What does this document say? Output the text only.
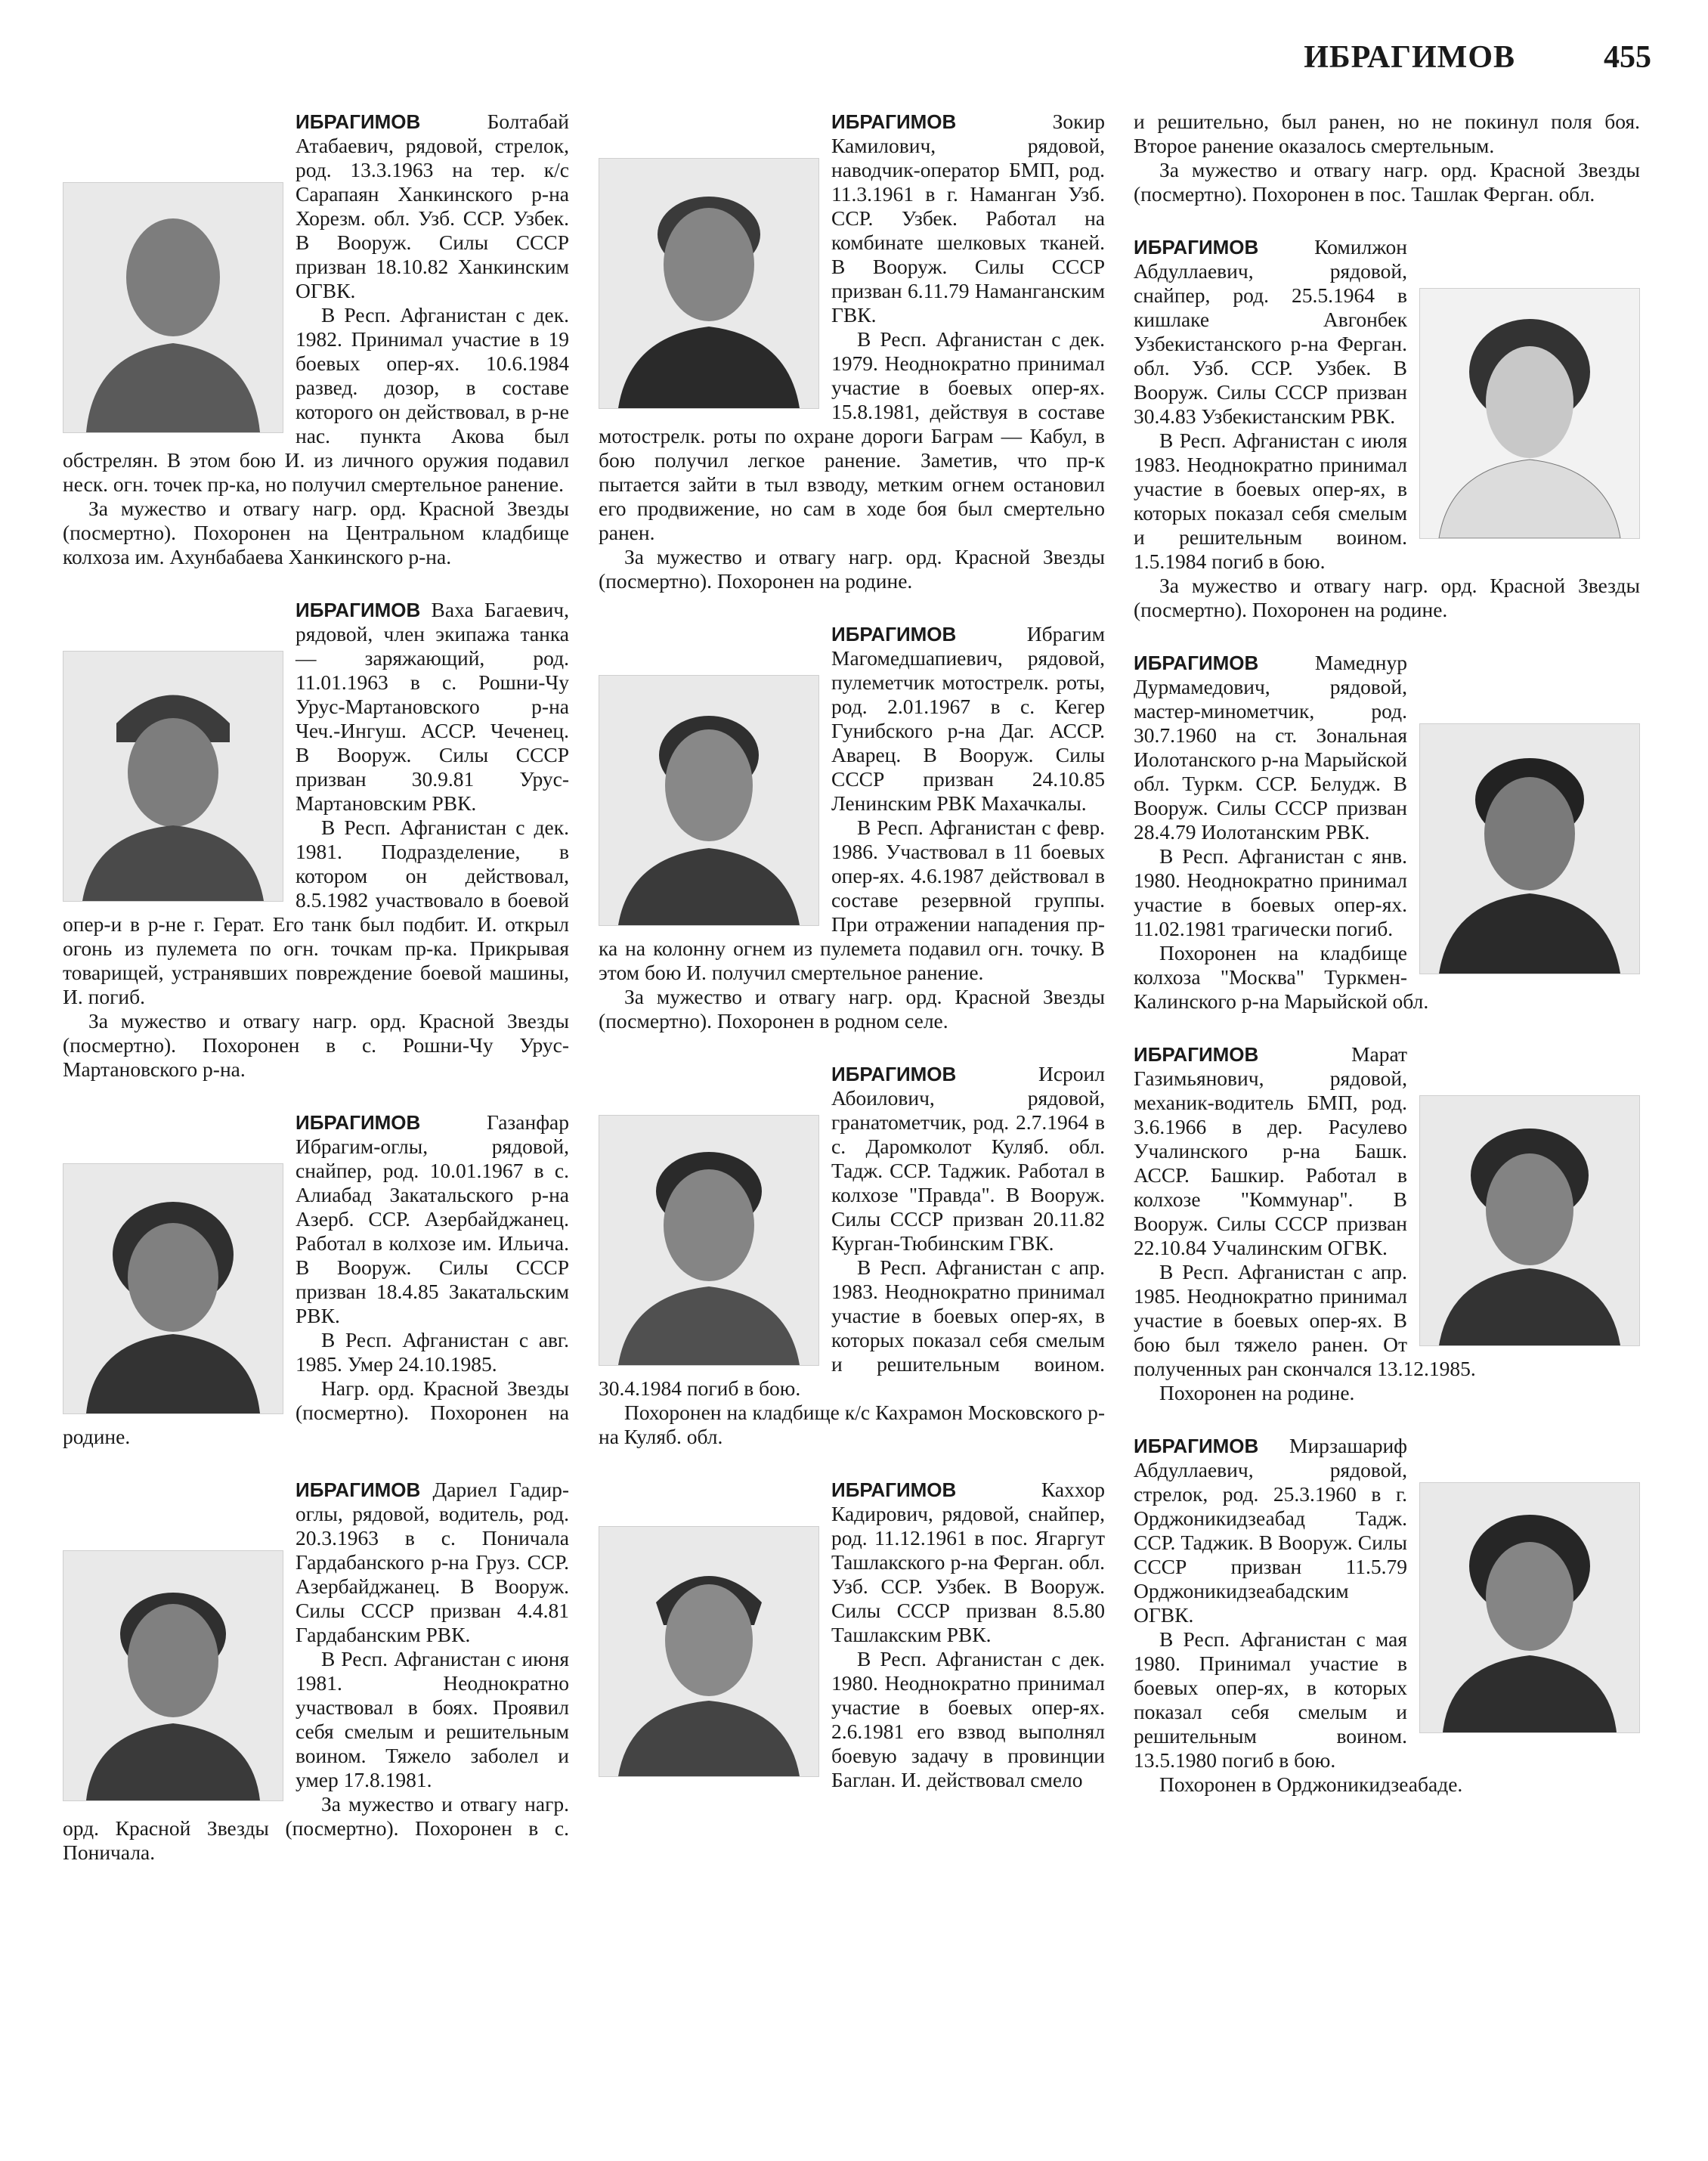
ИБРАГИМОВ	455

ИБРАГИМОВ	Болтабай Атабаевич, рядовой, стрелок, род. 13.3.1963 на тер. к/с Сарапаян Ханкинского р-на Хорезм. обл. Узб. ССР. Узбек. В Вооруж. Силы СССР призван 18.10.82 Ханкинским ОГВК.

В Респ. Афганистан с дек. 1982. Принимал участие в 19 боевых опер-ях. 10.6.1984 развед. дозор, в составе которого он действовал, в р-не нас. пункта Акова был обстрелян. В этом бою И. из личного оружия подавил неск. огн. точек пр-ка, но получил смертельное ранение.

За мужество и отвагу нагр. орд. Красной Звезды (посмертно). Похоронен на Центральном кладбище колхоза им. Ахунбабаева Ханкинского р-на.

ИБРАГИМОВ Ваха Багаевич, рядовой, член экипажа танка — заряжающий, род. 11.01.1963 в с. Рошни-Чу Урус-Мартановского р-на Чеч.-Ингуш. АССР. Чеченец. В Вооруж. Силы СССР призван 30.9.81 Урус-Мартановским РВК.

В Респ. Афганистан с дек. 1981. Подразделение, в котором он действовал, 8.5.1982 участвовало в боевой опер-и в р-не г. Герат. Его танк был подбит. И. открыл огонь из пулемета по огн. точкам пр-ка. Прикрывая товарищей, устранявших повреждение боевой машины, И. погиб.

За мужество и отвагу нагр. орд. Красной Звезды (посмертно). Похоронен в с. Рошни-Чу Урус-Мартановского р-на.

ИБРАГИМОВ	Газанфар Ибрагим-оглы, рядовой, снайпер, род. 10.01.1967 в с. Алиабад Закатальского р-на Азерб. ССР. Азербайджанец. Работал в колхозе им. Ильича. В Вооруж. Силы СССР призван 18.4.85 Закатальским РВК.

В Респ. Афганистан с авг. 1985. Умер 24.10.1985.

Нагр. орд. Красной Звезды (посмертно). Похоронен на родине.

ИБРАГИМОВ Дариел Гадир-оглы, рядовой, водитель, род. 20.3.1963 в с. Поничала Гардабанского р-на Груз. ССР. Азербайджанец. В Вооруж. Силы СССР призван 4.4.81 Гардабанским РВК.

В Респ. Афганистан с июня 1981. Неоднократно участвовал в боях. Проявил себя смелым и решительным воином. Тяжело заболел и умер 17.8.1981.

За мужество и отвагу нагр. орд. Красной Звезды (посмертно). Похоронен в с. Поничала.

ИБРАГИМОВ	Зокир Камилович, рядовой, наводчик-оператор БМП, род. 11.3.1961 в г. Наманган Узб. ССР. Узбек. Работал на комбинате шелковых тканей. В Вооруж. Силы СССР призван 6.11.79 Наманганским ГВК.

В Респ. Афганистан с дек. 1979. Неоднократно принимал участие в боевых опер-ях. 15.8.1981, действуя в составе мотострелк. роты по охране дороги Баграм — Кабул, в бою получил легкое ранение. Заметив, что пр-к пытается зайти в тыл взводу, метким огнем остановил его продвижение, но сам в ходе боя был смертельно ранен.

За мужество и отвагу нагр. орд. Красной Звезды (посмертно). Похоронен на родине.

ИБРАГИМОВ	Ибрагим Магомедшапиевич, рядовой, пулеметчик мотострелк. роты, род. 2.01.1967 в с. Кегер Гунибского р-на Даг. АССР. Аварец. В Вооруж. Силы СССР призван 24.10.85 Ленинским РВК Махачкалы.

В Респ. Афганистан с февр. 1986. Участвовал в 11 боевых опер-ях. 4.6.1987 действовал в составе резервной группы. При отражении нападения пр-ка на колонну огнем из пулемета подавил огн. точку. В этом бою И. получил смертельное ранение.

За мужество и отвагу нагр. орд. Красной Звезды (посмертно). Похоронен в родном селе.

ИБРАГИМОВ	Исроил Абоилович, рядовой, гранатометчик, род. 2.7.1964 в с. Даромколот Куляб. обл. Тадж. ССР. Таджик. Работал в колхозе "Правда". В Вооруж. Силы СССР призван 20.11.82 Курган-Тюбинским ГВК.

В Респ. Афганистан с апр. 1983. Неоднократно принимал участие в боевых опер-ях, в которых показал себя смелым и решительным воином. 30.4.1984 погиб в бою.

Похоронен на кладбище к/с Кахрамон Московского р-на Куляб. обл.

ИБРАГИМОВ	Каххор Кадирович, рядовой, снайпер, род. 11.12.1961 в пос. Ягаргут Ташлакского р-на Ферган. обл. Узб. ССР. Узбек. В Вооруж. Силы СССР призван 8.5.80 Ташлакским РВК.

В Респ. Афганистан с дек. 1980. Неоднократно принимал участие в боевых опер-ях. 2.6.1981 его взвод выполнял боевую задачу в провинции Баглан. И. действовал смело

и решительно, был ранен, но не покинул поля боя. Второе ранение оказалось смертельным.

За мужество и отвагу нагр. орд. Красной Звезды (посмертно). Похоронен в пос. Ташлак Ферган. обл.

ИБРАГИМОВ	Комилжон Абдуллаевич, рядовой, снайпер, род. 25.5.1964 в кишлаке Авгонбек Узбекистанского р-на Ферган. обл. Узб. ССР. Узбек. В Вооруж. Силы СССР призван 30.4.83 Узбекистанским РВК.

В Респ. Афганистан с июля 1983. Неоднократно принимал участие в боевых опер-ях, в которых показал себя смелым и решительным воином. 1.5.1984 погиб в бою.

За мужество и отвагу нагр. орд. Красной Звезды (посмертно). Похоронен на родине.

ИБРАГИМОВ	Мамеднур Дурмамедович, рядовой, мастер-минометчик, род. 30.7.1960 на ст. Зональная Иолотанского р-на Марыйской обл. Туркм. ССР. Белудж. В Вооруж. Силы СССР призван 28.4.79 Иолотанским РВК.

В Респ. Афганистан с янв. 1980. Неоднократно принимал участие в боевых опер-ях. 11.02.1981 трагически погиб.

Похоронен на кладбище колхоза "Москва" Туркмен-Калинского р-на Марыйской обл.

ИБРАГИМОВ	Марат Газимьянович, рядовой, механик-водитель БМП, род. 3.6.1966 в дер. Расулево Учалинского р-на Башк. АССР. Башкир. Работал в колхозе "Коммунар". В Вооруж. Силы СССР призван 22.10.84 Учалинским ОГВК.

В Респ. Афганистан с апр. 1985. Неоднократно принимал участие в боевых опер-ях. В бою был тяжело ранен. От полученных ран скончался 13.12.1985.

Похоронен на родине.

ИБРАГИМОВ Мирзашариф Абдуллаевич, рядовой, стрелок, род. 25.3.1960 в г. Орджоникидзеабад Тадж. ССР. Таджик. В Вооруж. Силы СССР призван 11.5.79 Орджоникидзеабадским ОГВК.

В Респ. Афганистан с мая 1980. Принимал участие в боевых опер-ях, в которых показал себя смелым и решительным воином. 13.5.1980 погиб в бою.

Похоронен в Орджоникидзеабаде.
